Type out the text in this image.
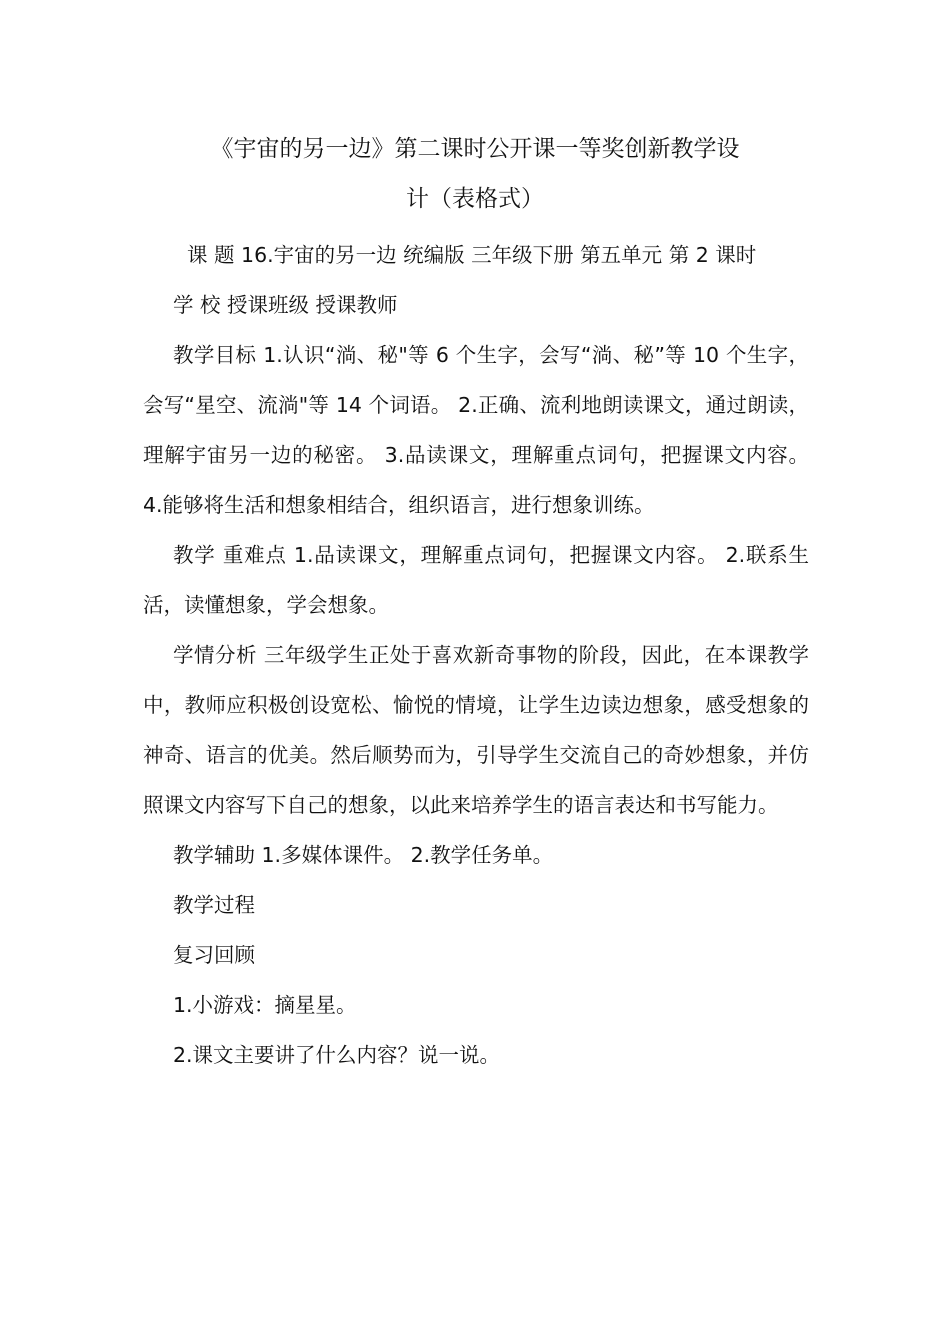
《宇宙的另一边》第二课时公开课一等奖创新教学设
计（表格式）

课 题 16.宇宙的另一边 统编版 三年级下册 第五单元 第 2 课时

学 校 授课班级 授课教师

教学目标 1.认识“淌、秘"等 6 个生字，会写“淌、秘”等 10 个生字，会写“星空、流淌"等 14 个词语。 2.正确、流利地朗读课文，通过朗读，理解宇宙另一边的秘密。 3.品读课文，理解重点词句，把握课文内容。 4.能够将生活和想象相结合，组织语言，进行想象训练。

教学 重难点 1.品读课文，理解重点词句，把握课文内容。 2.联系生活，读懂想象，学会想象。

学情分析 三年级学生正处于喜欢新奇事物的阶段，因此，在本课教学中，教师应积极创设宽松、愉悦的情境，让学生边读边想象，感受想象的神奇、语言的优美。然后顺势而为，引导学生交流自己的奇妙想象，并仿照课文内容写下自己的想象，以此来培养学生的语言表达和书写能力。

教学辅助 1.多媒体课件。 2.教学任务单。

教学过程

复习回顾

1.小游戏：摘星星。

2.课文主要讲了什么内容？说一说。
